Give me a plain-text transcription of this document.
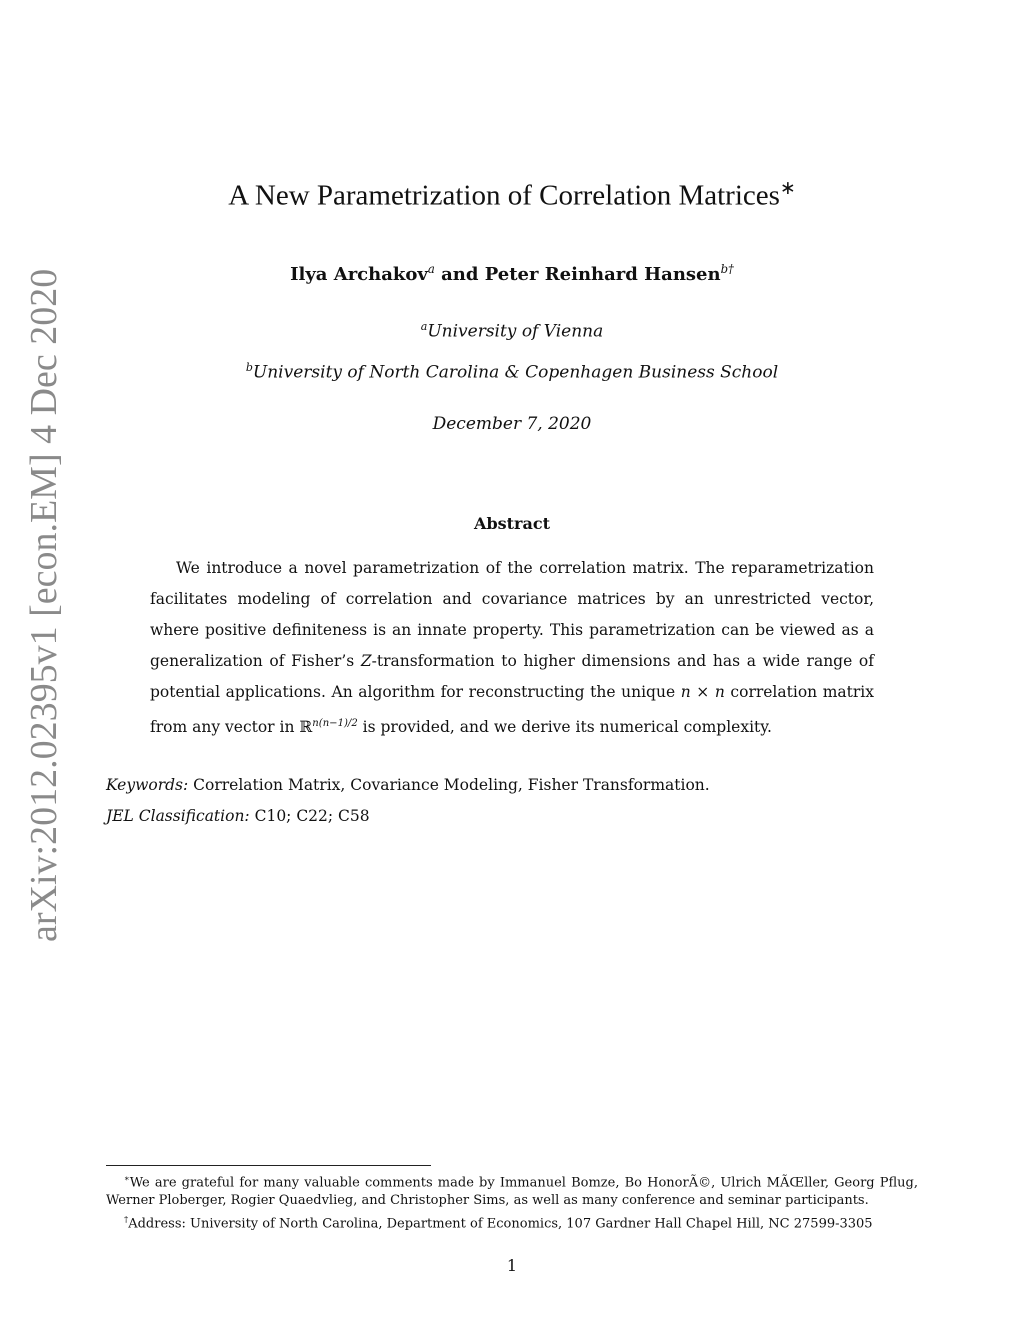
arXiv:2012.02395v1 [econ.EM] 4 Dec 2020
A New Parametrization of Correlation Matrices∗
Ilya Archakov$^a$ and Peter Reinhard Hansen$^{b\dagger}$
$^a$University of Vienna
$^b$University of North Carolina & Copenhagen Business School
December 7, 2020
Abstract
We introduce a novel parametrization of the correlation matrix. The reparametrization facilitates modeling of correlation and covariance matrices by an unrestricted vector, where positive definiteness is an innate property. This parametrization can be viewed as a generalization of Fisher’s Z-transformation to higher dimensions and has a wide range of potential applications. An algorithm for reconstructing the unique n × n correlation matrix from any vector in ℝ$^{n(n-1)/2}$ is provided, and we derive its numerical complexity.
Keywords: Correlation Matrix, Covariance Modeling, Fisher Transformation.
JEL Classification: C10; C22; C58

∗We are grateful for many valuable comments made by Immanuel Bomze, Bo HonorÃ©, Ulrich MÃŒller, Georg Pflug, Werner Ploberger, Rogier Quaedvlieg, and Christopher Sims, as well as many conference and seminar participants.

†Address: University of North Carolina, Department of Economics, 107 Gardner Hall Chapel Hill, NC 27599-3305

1
